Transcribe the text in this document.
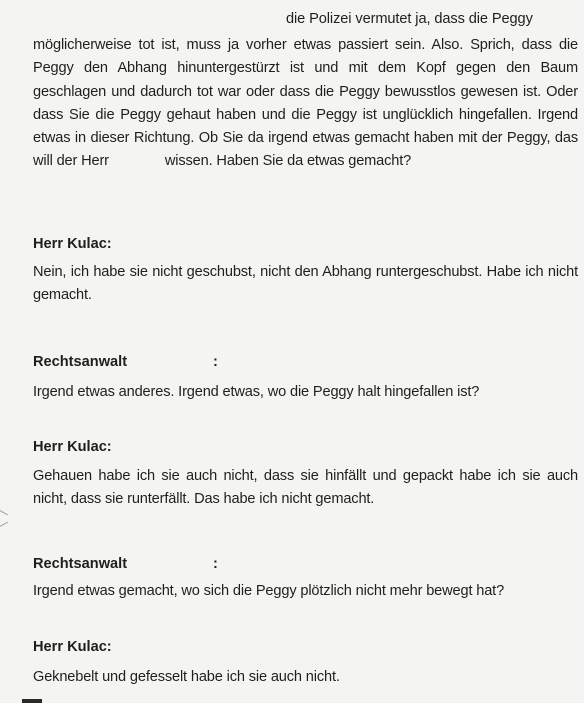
die Polizei vermutet ja, dass die Peggy
möglicherweise tot ist, muss ja vorher etwas passiert sein. Also. Sprich, dass die Peggy den Abhang hinuntergestürzt ist und mit dem Kopf gegen den Baum geschlagen und dadurch tot war oder dass die Peggy bewusstlos gewesen ist. Oder dass Sie die Peggy gehaut haben und die Peggy ist unglücklich hingefallen. Irgend etwas in dieser Richtung. Ob Sie da irgend etwas gemacht haben mit der Peggy, das will der Herr	wissen. Haben Sie da etwas gemacht?
Herr Kulac:
Nein, ich habe sie nicht geschubst, nicht den Abhang runtergeschubst. Habe ich nicht gemacht.
Rechtsanwalt	:
Irgend etwas anderes. Irgend etwas, wo die Peggy halt hingefallen ist?
Herr Kulac:
Gehauen habe ich sie auch nicht, dass sie hinfällt und gepackt habe ich sie auch nicht, dass sie runterfällt. Das habe ich nicht gemacht.
Rechtsanwalt	:
Irgend etwas gemacht, wo sich die Peggy plötzlich nicht mehr bewegt hat?
Herr Kulac:
Geknebelt und gefesselt habe ich sie auch nicht.
